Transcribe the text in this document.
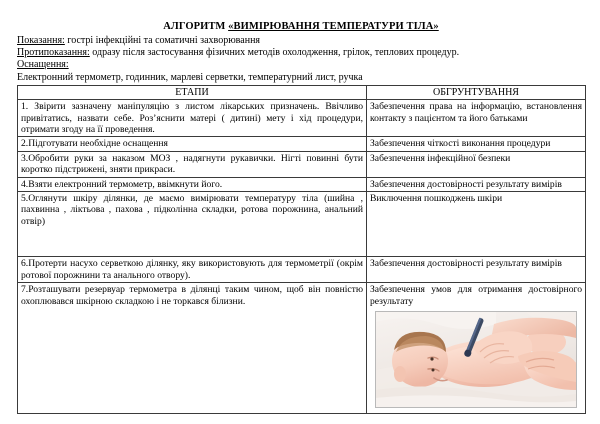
АЛГОРИТМ «ВИМІРЮВАННЯ ТЕМПЕРАТУРИ ТІЛА»

Показання: гострі інфекційні та соматичні захворювання

Протипоказання: одразу після застосування фізичних методів охолодження, грілок, теплових процедур.

Оснащення:

Електронний термометр, годинник, марлеві серветки, температурний лист, ручка

ЕТАПИ	ОБГРУНТУВАННЯ
1. Звірити зазначену маніпуляцію з листом лікарських призначень. Ввічливо привітатись, назвати себе. Роз’яснити матері ( дитині) мету і хід процедури, отримати згоду на її проведення.	Забезпечення права на інформацію, встановлення контакту з пацієнтом та його батьками
2.Підготувати необхідне оснащення	Забезпечення чіткості виконання процедури
3.Обробити руки за наказом МОЗ , надягнути рукавички. Нігті повинні бути коротко підстрижені, зняти прикраси.	Забезпечення інфекційної безпеки
4.Взяти електронний термометр, ввімкнути його.	Забезпечення достовірності результату вимірів

5.Оглянути шкіру ділянки, де маємо вимірювати температуру тіла (шийна , пахвинна , ліктьова , пахова , підколінна складки, ротова порожнина, анальний отвір)	Виключення пошкоджень шкіри
6.Протерти насухо серветкою ділянку, яку використовують для термометрії (окрім ротової порожнини та анального отвору).	Забезпечення достовірності результату вимірів
7.Розташувати резервуар термометра в ділянці таким чином, щоб він повністю охоплювався шкірною складкою і не торкався білизни.	Забезпечення умов для отримання достовірного результату
